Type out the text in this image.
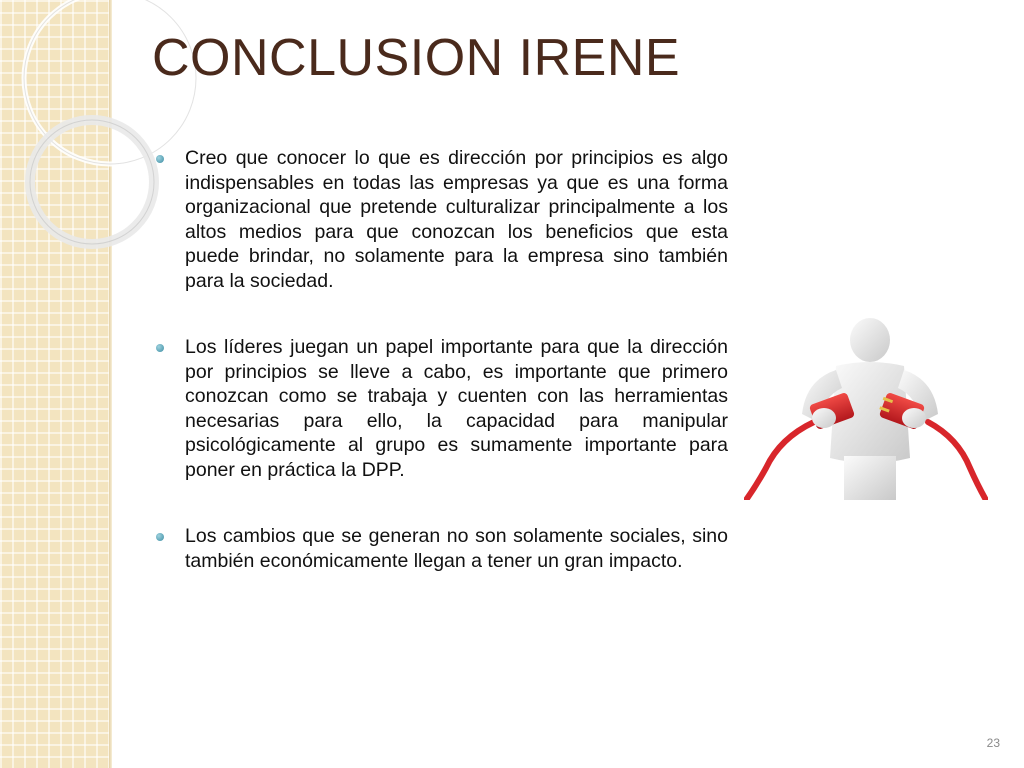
CONCLUSION IRENE
Creo que conocer lo que es dirección por principios es algo indispensables en todas las empresas ya que es una forma organizacional que pretende culturalizar principalmente a los altos medios para que conozcan los beneficios que esta puede brindar, no solamente para la empresa sino también para la sociedad.
Los líderes juegan un papel importante para que la dirección por principios se lleve a cabo, es importante que primero conozcan como se trabaja y cuenten con las herramientas necesarias para ello, la capacidad para manipular psicológicamente al grupo es sumamente importante para poner en práctica la DPP.
Los cambios que se generan no son solamente sociales, sino también económicamente llegan a tener un gran impacto.
23
